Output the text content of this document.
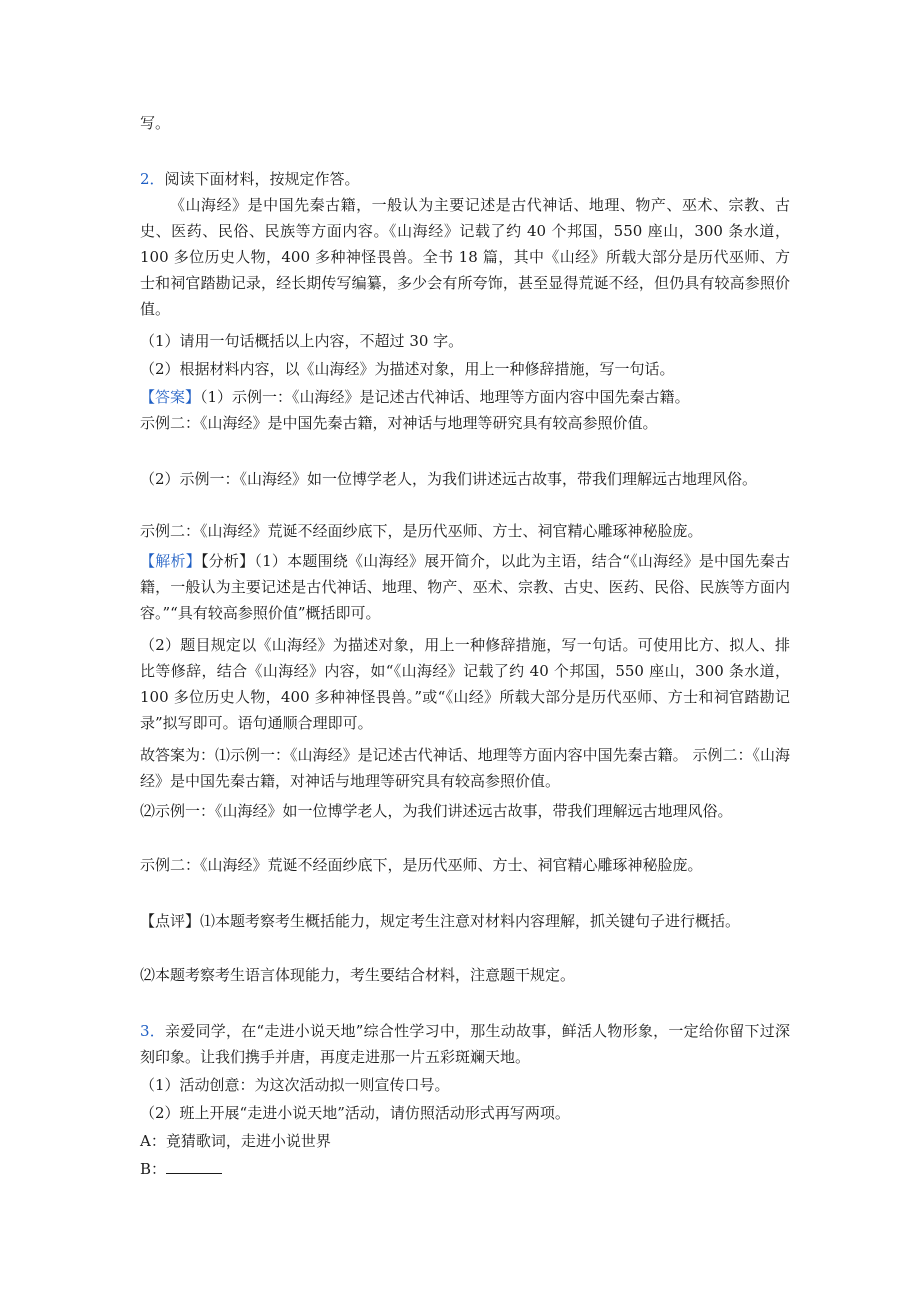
写。

2．阅读下面材料，按规定作答。

《山海经》是中国先秦古籍，一般认为主要记述是古代神话、地理、物产、巫术、宗教、古史、医药、民俗、民族等方面内容。《山海经》记载了约 40 个邦国，550 座山，300 条水道，100 多位历史人物，400 多种神怪畏兽。全书 18 篇，其中《山经》所载大部分是历代巫师、方士和祠官踏勘记录，经长期传写编纂，多少会有所夸饰，甚至显得荒诞不经，但仍具有较高参照价值。

（1）请用一句话概括以上内容，不超过 30 字。

（2）根据材料内容，以《山海经》为描述对象，用上一种修辞措施，写一句话。

【答案】（1）示例一：《山海经》是记述古代神话、地理等方面内容中国先秦古籍。

示例二：《山海经》是中国先秦古籍，对神话与地理等研究具有较高参照价值。

（2）示例一：《山海经》如一位博学老人，为我们讲述远古故事，带我们理解远古地理风俗。

示例二：《山海经》荒诞不经面纱底下，是历代巫师、方士、祠官精心雕琢神秘脸庞。

【解析】【分析】（1）本题围绕《山海经》展开简介，以此为主语，结合“《山海经》是中国先秦古籍，一般认为主要记述是古代神话、地理、物产、巫术、宗教、古史、医药、民俗、民族等方面内容。”“具有较高参照价值”概括即可。

（2）题目规定以《山海经》为描述对象，用上一种修辞措施，写一句话。可使用比方、拟人、排比等修辞，结合《山海经》内容，如“《山海经》记载了约 40 个邦国，550 座山，300 条水道，100 多位历史人物，400 多种神怪畏兽。”或“《山经》所载大部分是历代巫师、方士和祠官踏勘记录”拟写即可。语句通顺合理即可。

故答案为：⑴示例一：《山海经》是记述古代神话、地理等方面内容中国先秦古籍。 示例二：《山海经》是中国先秦古籍，对神话与地理等研究具有较高参照价值。

⑵示例一：《山海经》如一位博学老人，为我们讲述远古故事，带我们理解远古地理风俗。

示例二：《山海经》荒诞不经面纱底下，是历代巫师、方士、祠官精心雕琢神秘脸庞。

【点评】⑴本题考察考生概括能力，规定考生注意对材料内容理解，抓关键句子进行概括。

⑵本题考察考生语言体现能力，考生要结合材料，注意题干规定。

3．亲爱同学，在“走进小说天地”综合性学习中，那生动故事，鲜活人物形象，一定给你留下过深刻印象。让我们携手并唐，再度走进那一片五彩斑斓天地。

（1）活动创意：为这次活动拟一则宣传口号。

（2）班上开展“走进小说天地”活动，请仿照活动形式再写两项。

A：竟猜歌词，走进小说世界

B：
